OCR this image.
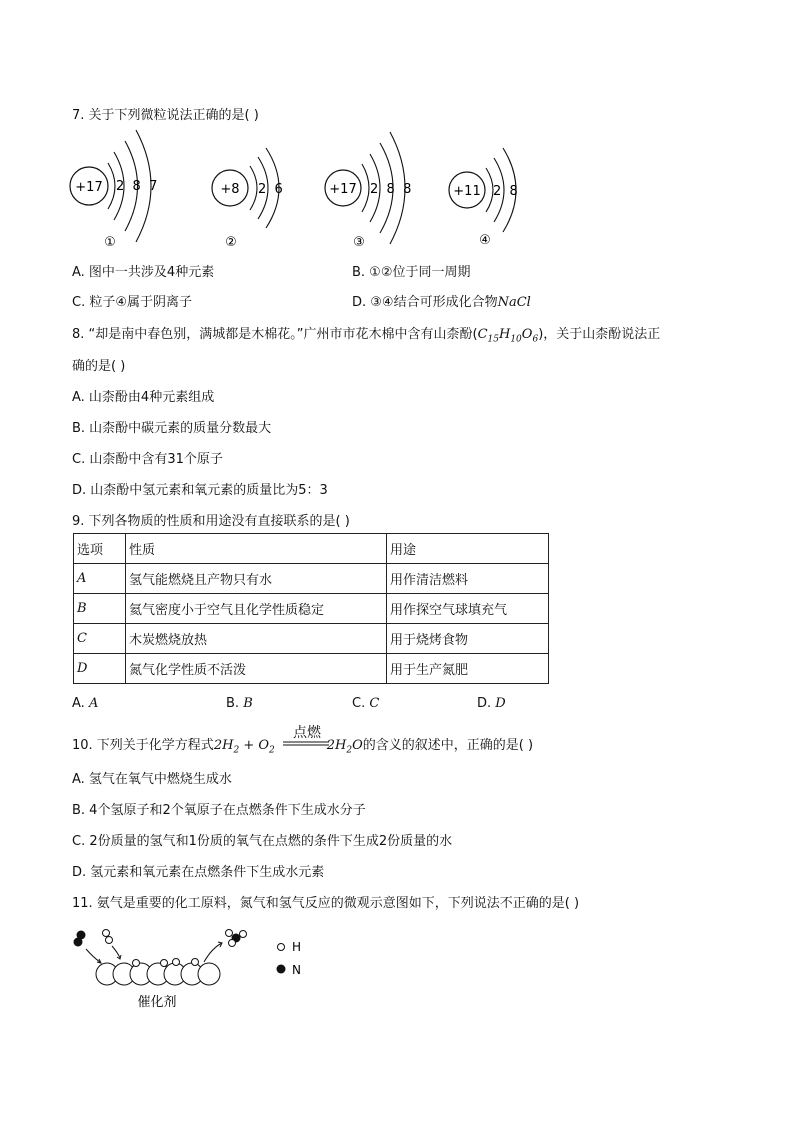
7. 关于下列微粒说法正确的是( )
+17 2  8  7
①
+8 2  6
②
+17 2  8  8
③
+11 2  8
④
A. 图中一共涉及4种元素	B. ①②位于同一周期
C. 粒子④属于阴离子	D. ③④结合可形成化合物NaCl
8. “却是南中春色别，满城都是木棉花。”广州市市花木棉中含有山柰酚$(C_{15}H_{10}O_6)$，关于山柰酚说法正
确的是( )
A. 山柰酚由4种元素组成
B. 山柰酚中碳元素的质量分数最大
C. 山柰酚中含有31个原子
D. 山柰酚中氢元素和氧元素的质量比为5：3
9. 下列各物质的性质和用途没有直接联系的是( )
选项	性质	用途
A	氢气能燃烧且产物只有水	用作清洁燃料
B	氦气密度小于空气且化学性质稳定	用作探空气球填充气
C	木炭燃烧放热	用于烧烤食物
D	氮气化学性质不活泼	用于生产氮肥
A. A	B. B	C. C	D. D
点燃
10. 下列关于化学方程式$2H_2 + O_2$	$2H_2O$的含义的叙述中，正确的是( )
A. 氢气在氧气中燃烧生成水
B. 4个氢原子和2个氧原子在点燃条件下生成水分子
C. 2份质量的氢气和1份质的氧气在点燃的条件下生成2份质量的水
D. 氢元素和氧元素在点燃条件下生成水元素
11. 氨气是重要的化工原料，氮气和氢气反应的微观示意图如下，下列说法不正确的是( )
H
N
催化剂
